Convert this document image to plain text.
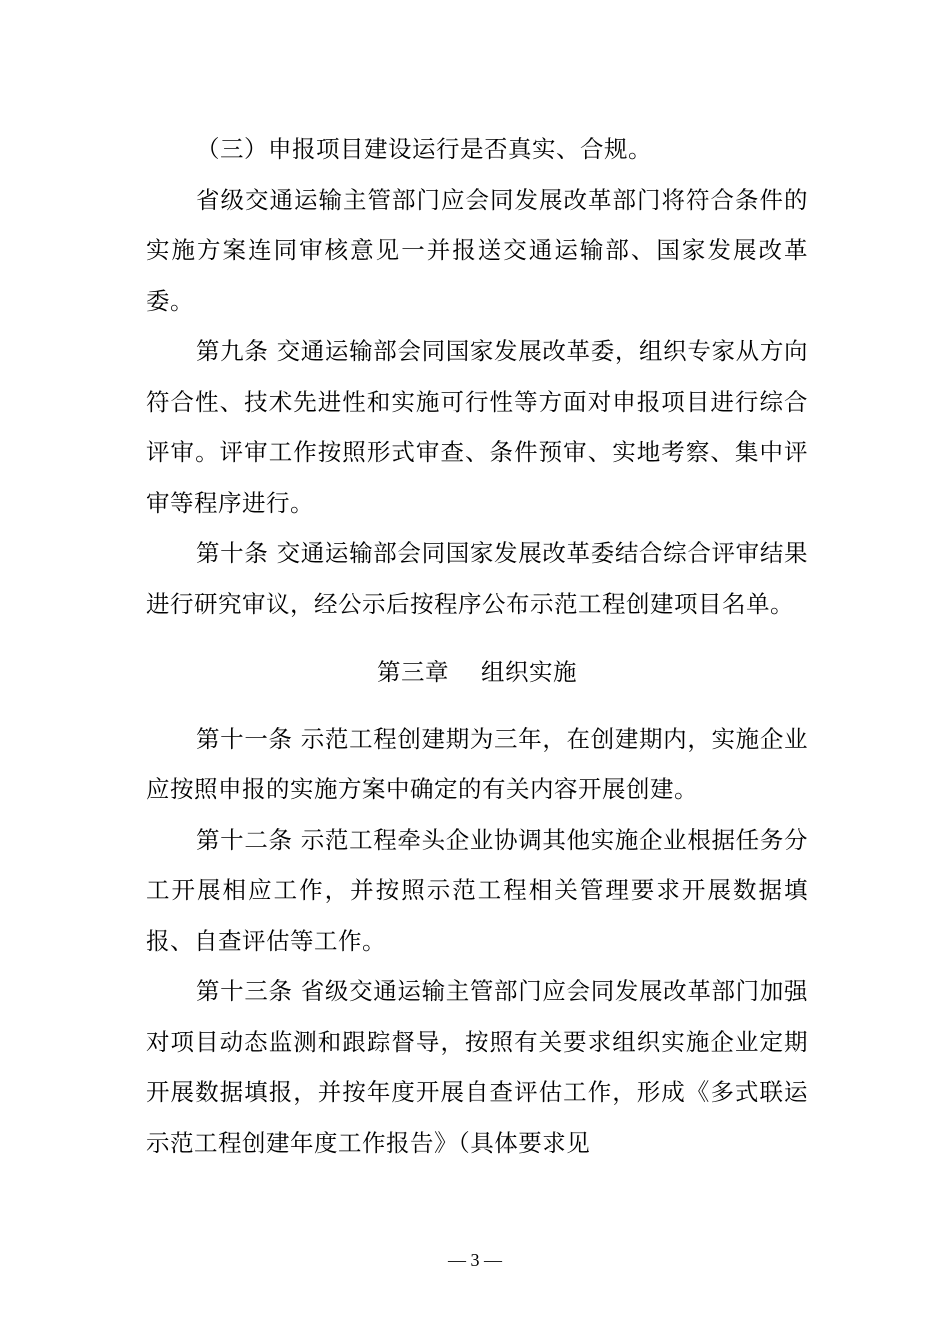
（三）申报项目建设运行是否真实、合规。

省级交通运输主管部门应会同发展改革部门将符合条件的实施方案连同审核意见一并报送交通运输部、国家发展改革委。

第九条 交通运输部会同国家发展改革委，组织专家从方向符合性、技术先进性和实施可行性等方面对申报项目进行综合评审。评审工作按照形式审查、条件预审、实地考察、集中评审等程序进行。

第十条 交通运输部会同国家发展改革委结合综合评审结果进行研究审议，经公示后按程序公布示范工程创建项目名单。

第三章 组织实施

第十一条 示范工程创建期为三年，在创建期内，实施企业应按照申报的实施方案中确定的有关内容开展创建。

第十二条 示范工程牵头企业协调其他实施企业根据任务分工开展相应工作，并按照示范工程相关管理要求开展数据填报、自查评估等工作。

第十三条 省级交通运输主管部门应会同发展改革部门加强对项目动态监测和跟踪督导，按照有关要求组织实施企业定期开展数据填报，并按年度开展自查评估工作，形成《多式联运示范工程创建年度工作报告》（具体要求见

— 3 —
